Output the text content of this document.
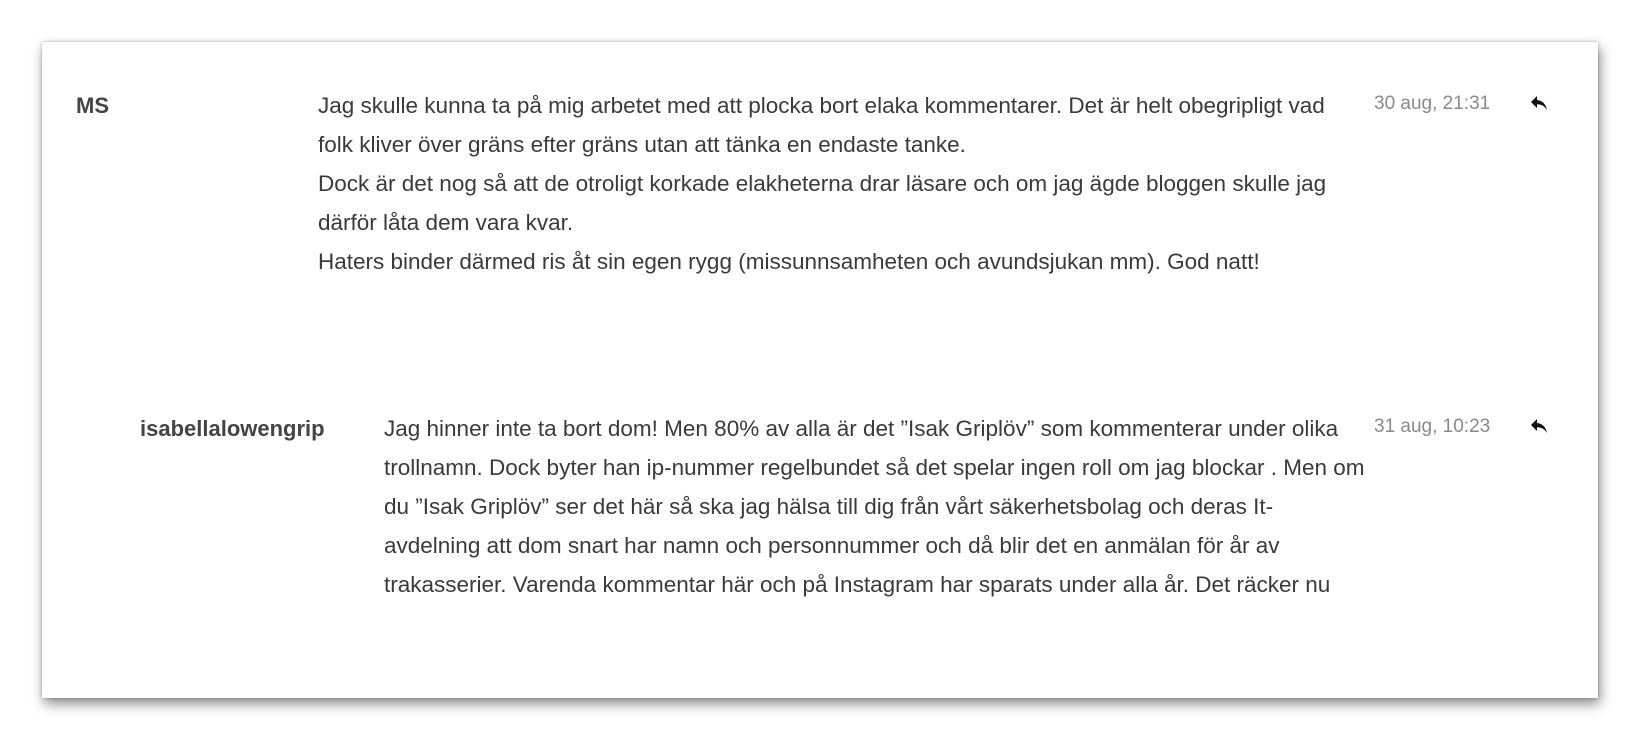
MS	Jag skulle kunna ta på mig arbetet med att plocka bort elaka kommentarer. Det är helt obegripligt vad folk kliver över gräns efter gräns utan att tänka en endaste tanke.

Dock är det nog så att de otroligt korkade elakheterna drar läsare och om jag ägde bloggen skulle jag därför låta dem vara kvar.

Haters binder därmed ris åt sin egen rygg (missunnsamheten och avundsjukan mm). God natt!

30 aug, 21:31
isabellalowengrip	Jag hinner inte ta bort dom! Men 80% av alla är det ”Isak Griplöv” som kommenterar under olika trollnamn. Dock byter han ip-nummer regelbundet så det spelar ingen roll om jag blockar . Men om du ”Isak Griplöv” ser det här så ska jag hälsa till dig från vårt säkerhetsbolag och deras It-avdelning att dom snart har namn och personnummer och då blir det en anmälan för år av trakasserier. Varenda kommentar här och på Instagram har sparats under alla år. Det räcker nu

31 aug, 10:23
